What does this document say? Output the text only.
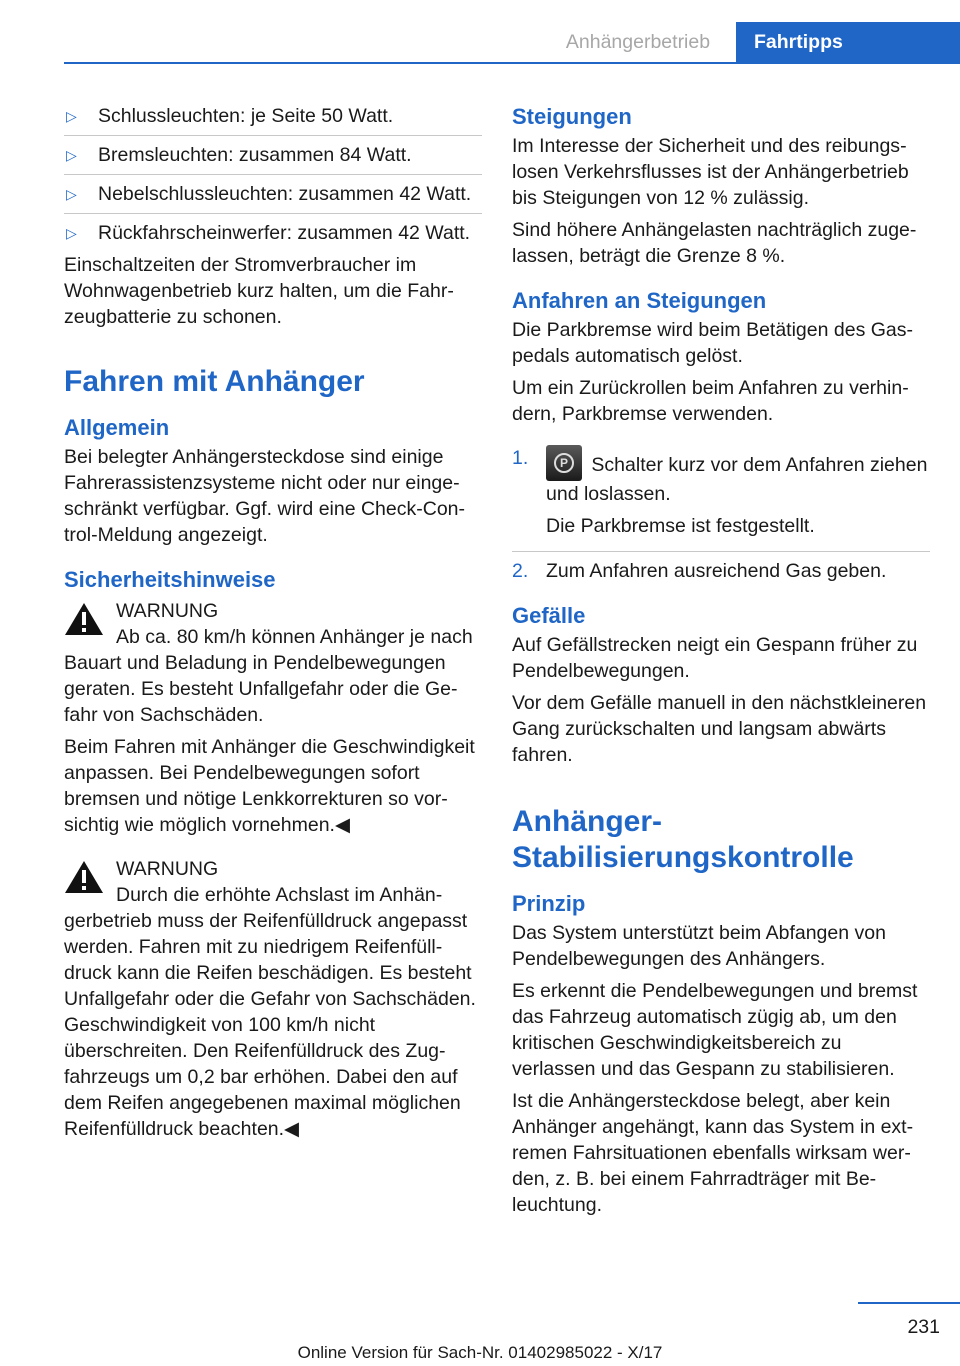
Anhängerbetrieb	Fahrtipps
▷	Schlussleuchten: je Seite 50 Watt.
▷	Bremsleuchten: zusammen 84 Watt.
▷	Nebelschlussleuchten: zusammen 42 Watt.
▷	Rückfahrscheinwerfer: zusammen 42 Watt.

Einschaltzeiten der Stromverbraucher im Wohnwagenbetrieb kurz halten, um die Fahrzeugbatterie zu schonen.

Fahren mit Anhänger
Allgemein

Bei belegter Anhängersteckdose sind einige Fahrerassistenzsysteme nicht oder nur eingeschränkt verfügbar. Ggf. wird eine Check-Control-Meldung angezeigt.

Sicherheitshinweise
WARNUNG

Ab ca. 80 km/h können Anhänger je nach Bauart und Beladung in Pendelbewegungen geraten. Es besteht Unfallgefahr oder die Gefahr von Sachschäden.

Beim Fahren mit Anhänger die Geschwindigkeit anpassen. Bei Pendelbewegungen sofort bremsen und nötige Lenkkorrekturen so vorsichtig wie möglich vornehmen.◀

WARNUNG

Durch die erhöhte Achslast im Anhängerbetrieb muss der Reifenfülldruck angepasst werden. Fahren mit zu niedrigem Reifenfülldruck kann die Reifen beschädigen. Es besteht Unfallgefahr oder die Gefahr von Sachschäden. Geschwindigkeit von 100 km/h nicht überschreiten. Den Reifenfülldruck des Zugfahrzeugs um 0,2 bar erhöhen. Dabei den auf dem Reifen angegebenen maximal möglichen Reifenfülldruck beachten.◀

Steigungen

Im Interesse der Sicherheit und des reibungslosen Verkehrsflusses ist der Anhängerbetrieb bis Steigungen von 12 % zulässig.

Sind höhere Anhängelasten nachträglich zugelassen, beträgt die Grenze 8 %.

Anfahren an Steigungen

Die Parkbremse wird beim Betätigen des Gaspedals automatisch gelöst.

Um ein Zurückrollen beim Anfahren zu verhindern, Parkbremse verwenden.

1.	P	Schalter kurz vor dem Anfahren ziehen und loslassen.

Die Parkbremse ist festgestellt.

2. Zum Anfahren ausreichend Gas geben.
Gefälle

Auf Gefällstrecken neigt ein Gespann früher zu Pendelbewegungen.

Vor dem Gefälle manuell in den nächstkleineren Gang zurückschalten und langsam abwärts fahren.

Anhänger-
Stabilisierungskontrolle
Prinzip

Das System unterstützt beim Abfangen von Pendelbewegungen des Anhängers.

Es erkennt die Pendelbewegungen und bremst das Fahrzeug automatisch zügig ab, um den kritischen Geschwindigkeitsbereich zu verlassen und das Gespann zu stabilisieren.

Ist die Anhängersteckdose belegt, aber kein Anhänger angehängt, kann das System in extremen Fahrsituationen ebenfalls wirksam werden, z. B. bei einem Fahrradträger mit Beleuchtung.

231
Online Version für Sach-Nr. 01402985022 - X/17
